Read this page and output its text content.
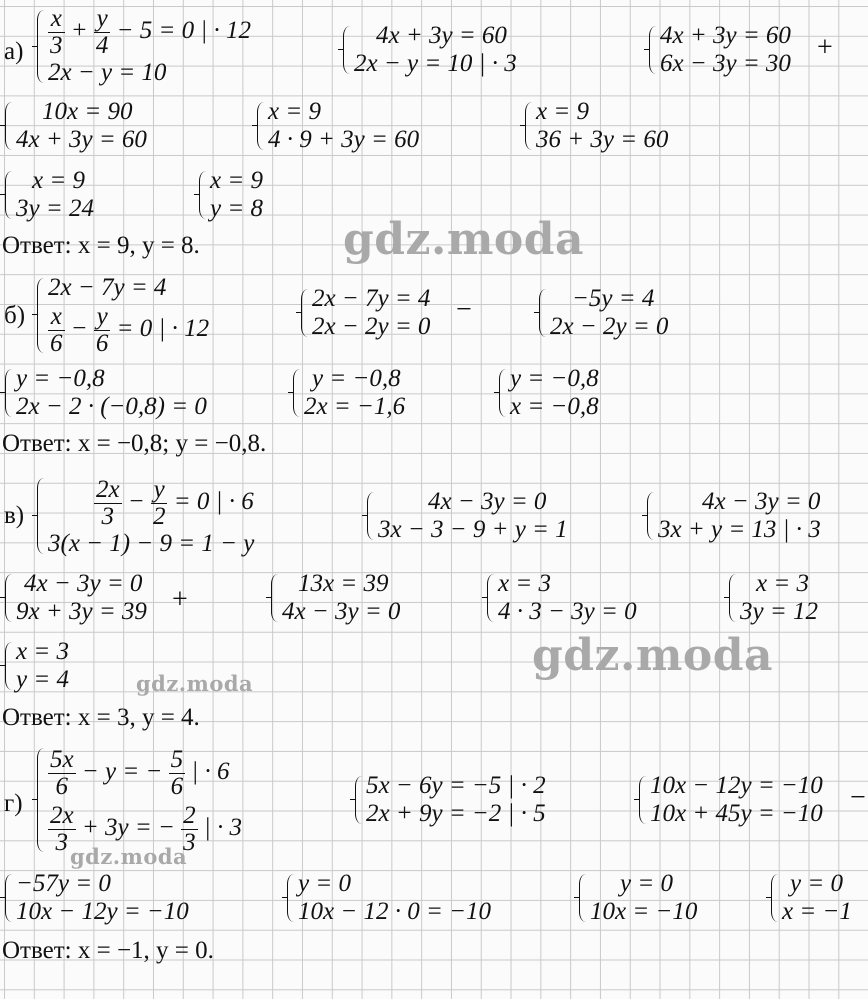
gdz.moda
gdz.moda
gdz.moda
gdz.moda
$а) \frac{x}{3} + \frac{y}{4} - 5 = 0$ | · 12
2x − y = 10
4x + 3y = 60
2x − y = 10 | · 3
4x + 3y = 60
6x − 3y = 30
+
10x = 90
4x + 3y = 60
x = 9
4 · 9 + 3y = 60
x = 9
36 + 3y = 60
x = 9
3y = 24
x = 9
y = 8
Ответ: x = 9, y = 8.
б)
2x − 7y = 4
$\frac{x}{6} - \frac{y}{6} = 0$ | · 12
2x − 7y = 4
2x − 2y = 0
−	−5y = 4
2x − 2y = 0
y = −0,8
2x − 2 · (−0,8) = 0
y = −0,8
2x = −1,6
y = −0,8
x = −0,8
Ответ: x = −0,8; y = −0,8.
в)	$\frac{2x}{3} - \frac{y}{2} = 0$ | · 6
3(x − 1) − 9 = 1 − y
4x − 3y = 0
3x − 3 − 9 + y = 1
4x − 3y = 0
3x + y = 13 | · 3
4x − 3y = 0
9x + 3y = 39 +
13x = 39
4x − 3y = 0
x = 3
4 · 3 − 3y = 0
x = 3
3y = 12
x = 3
y = 4
Ответ: x = 3, y = 4.
г)
$\frac{5x}{6} - y$ = − $\frac{5}{6}$ | · 6
$\frac{2x}{3} + 3y$ = − $\frac{2}{3}$ | · 3
5x − 6y = −5 | · 2
2x + 9y = −2 | · 5
10x − 12y = −10
10x + 45y = −10
−
−57y = 0
10x − 12y = −10
y = 0
10x − 12 · 0 = −10
y = 0
10x = −10
y = 0
x = −1
Ответ: x = −1, y = 0.
